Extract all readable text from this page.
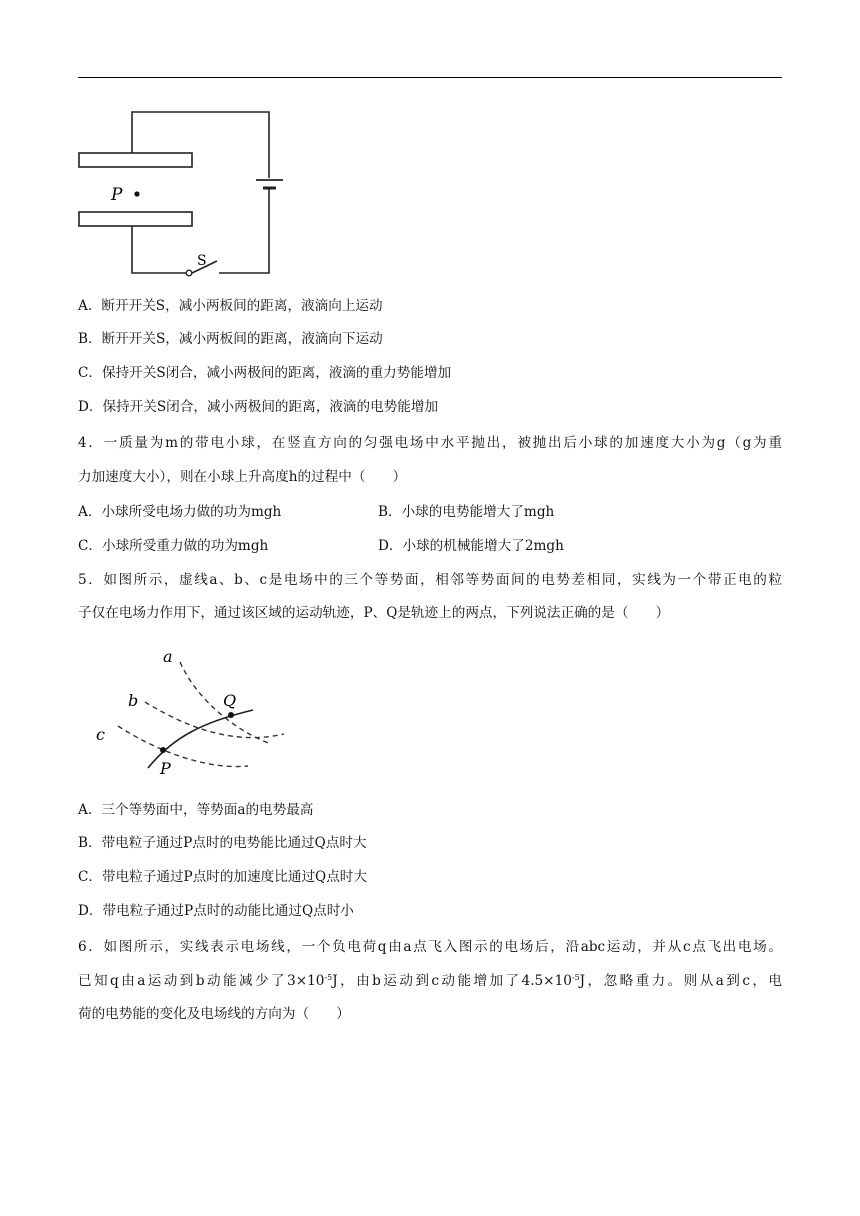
P
S
A．断开开关S，减小两板间的距离，液滴向上运动
B．断开开关S，减小两板间的距离，液滴向下运动
C．保持开关S闭合，减小两极间的距离，液滴的重力势能增加
D．保持开关S闭合，减小两极间的距离，液滴的电势能增加
4．一质量为m的带电小球，在竖直方向的匀强电场中水平抛出，被抛出后小球的加速度大小为g（g为重
力加速度大小），则在小球上升高度h的过程中（　　）
A．小球所受电场力做的功为mgh	B．小球的电势能增大了mgh
C．小球所受重力做的功为mgh	D．小球的机械能增大了2mgh
5．如图所示，虚线a、b、c是电场中的三个等势面，相邻等势面间的电势差相同，实线为一个带正电的粒
子仅在电场力作用下，通过该区域的运动轨迹，P、Q是轨迹上的两点，下列说法正确的是（　　）
a
b
c
P
Q
A．三个等势面中，等势面a的电势最高
B．带电粒子通过P点时的电势能比通过Q点时大
C．带电粒子通过P点时的加速度比通过Q点时大
D．带电粒子通过P点时的动能比通过Q点时小
6．如图所示，实线表示电场线，一个负电荷q由a点飞入图示的电场后，沿abc运动，并从c点飞出电场。
已知q由a运动到b动能减少了$3\times 10^{-5}J$，由b运动到c动能增加了$4.5\times 10^{-5}J$，忽略重力。则从a到c，电
荷的电势能的变化及电场线的方向为（　　）
